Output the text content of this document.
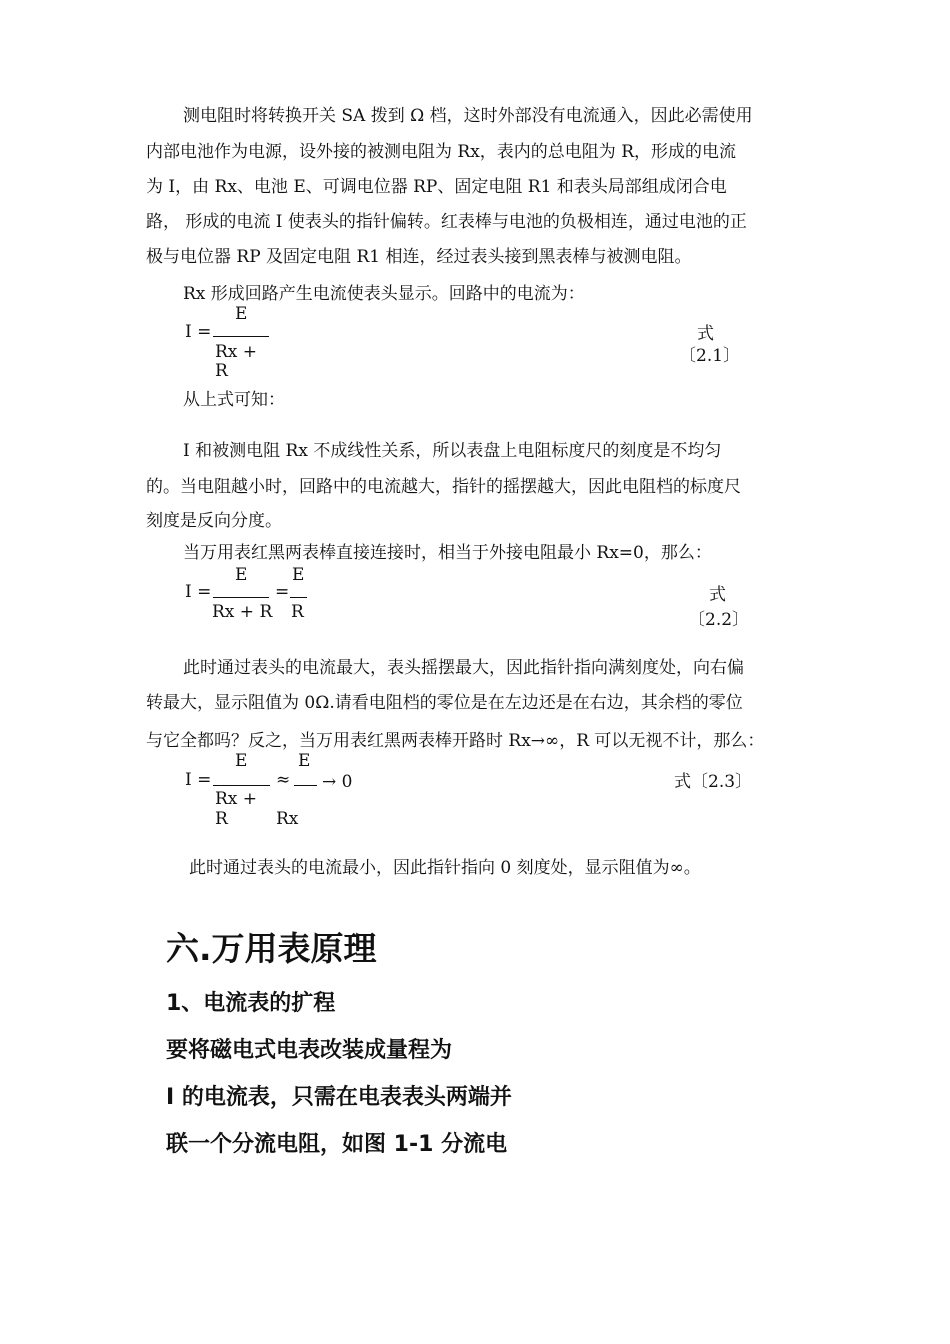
测电阻时将转换开关 SA 拨到 Ω 档，这时外部没有电流通入，因此必需使用
内部电池作为电源，设外接的被测电阻为 Rx，表内的总电阻为 R，形成的电流
为 I，由 Rx、电池 E、可调电位器 RP、固定电阻 R1 和表头局部组成闭合电
路， 形成的电流 I 使表头的指针偏转。红表棒与电池的负极相连，通过电池的正
极与电位器 RP 及固定电阻 R1 相连，经过表头接到黑表棒与被测电阻。
Rx 形成回路产生电流使表头显示。回路中的电流为：
E
I =
Rx +
R
式
〔2.1〕
从上式可知：
I 和被测电阻 Rx 不成线性关系，所以表盘上电阻标度尺的刻度是不均匀
的。当电阻越小时，回路中的电流越大，指针的摇摆越大，因此电阻档的标度尺
刻度是反向分度。
当万用表红黑两表棒直接连接时，相当于外接电阻最小 Rx=0，那么：
E	E
I =	=
Rx + R R
式
〔2.2〕
此时通过表头的电流最大，表头摇摆最大，因此指针指向满刻度处，向右偏
转最大，显示阻值为 0Ω.请看电阻档的零位是在左边还是在右边，其余档的零位
与它全都吗？反之，当万用表红黑两表棒开路时 Rx→∞，R 可以无视不计，那么：
E	E
I =	≈ → 0
Rx +
R	Rx
式〔2.3〕
此时通过表头的电流最小，因此指针指向 0 刻度处，显示阻值为∞。
六.万用表原理
1、电流表的扩程
要将磁电式电表改装成量程为
I 的电流表，只需在电表表头两端并
联一个分流电阻，如图 1-1 分流电
